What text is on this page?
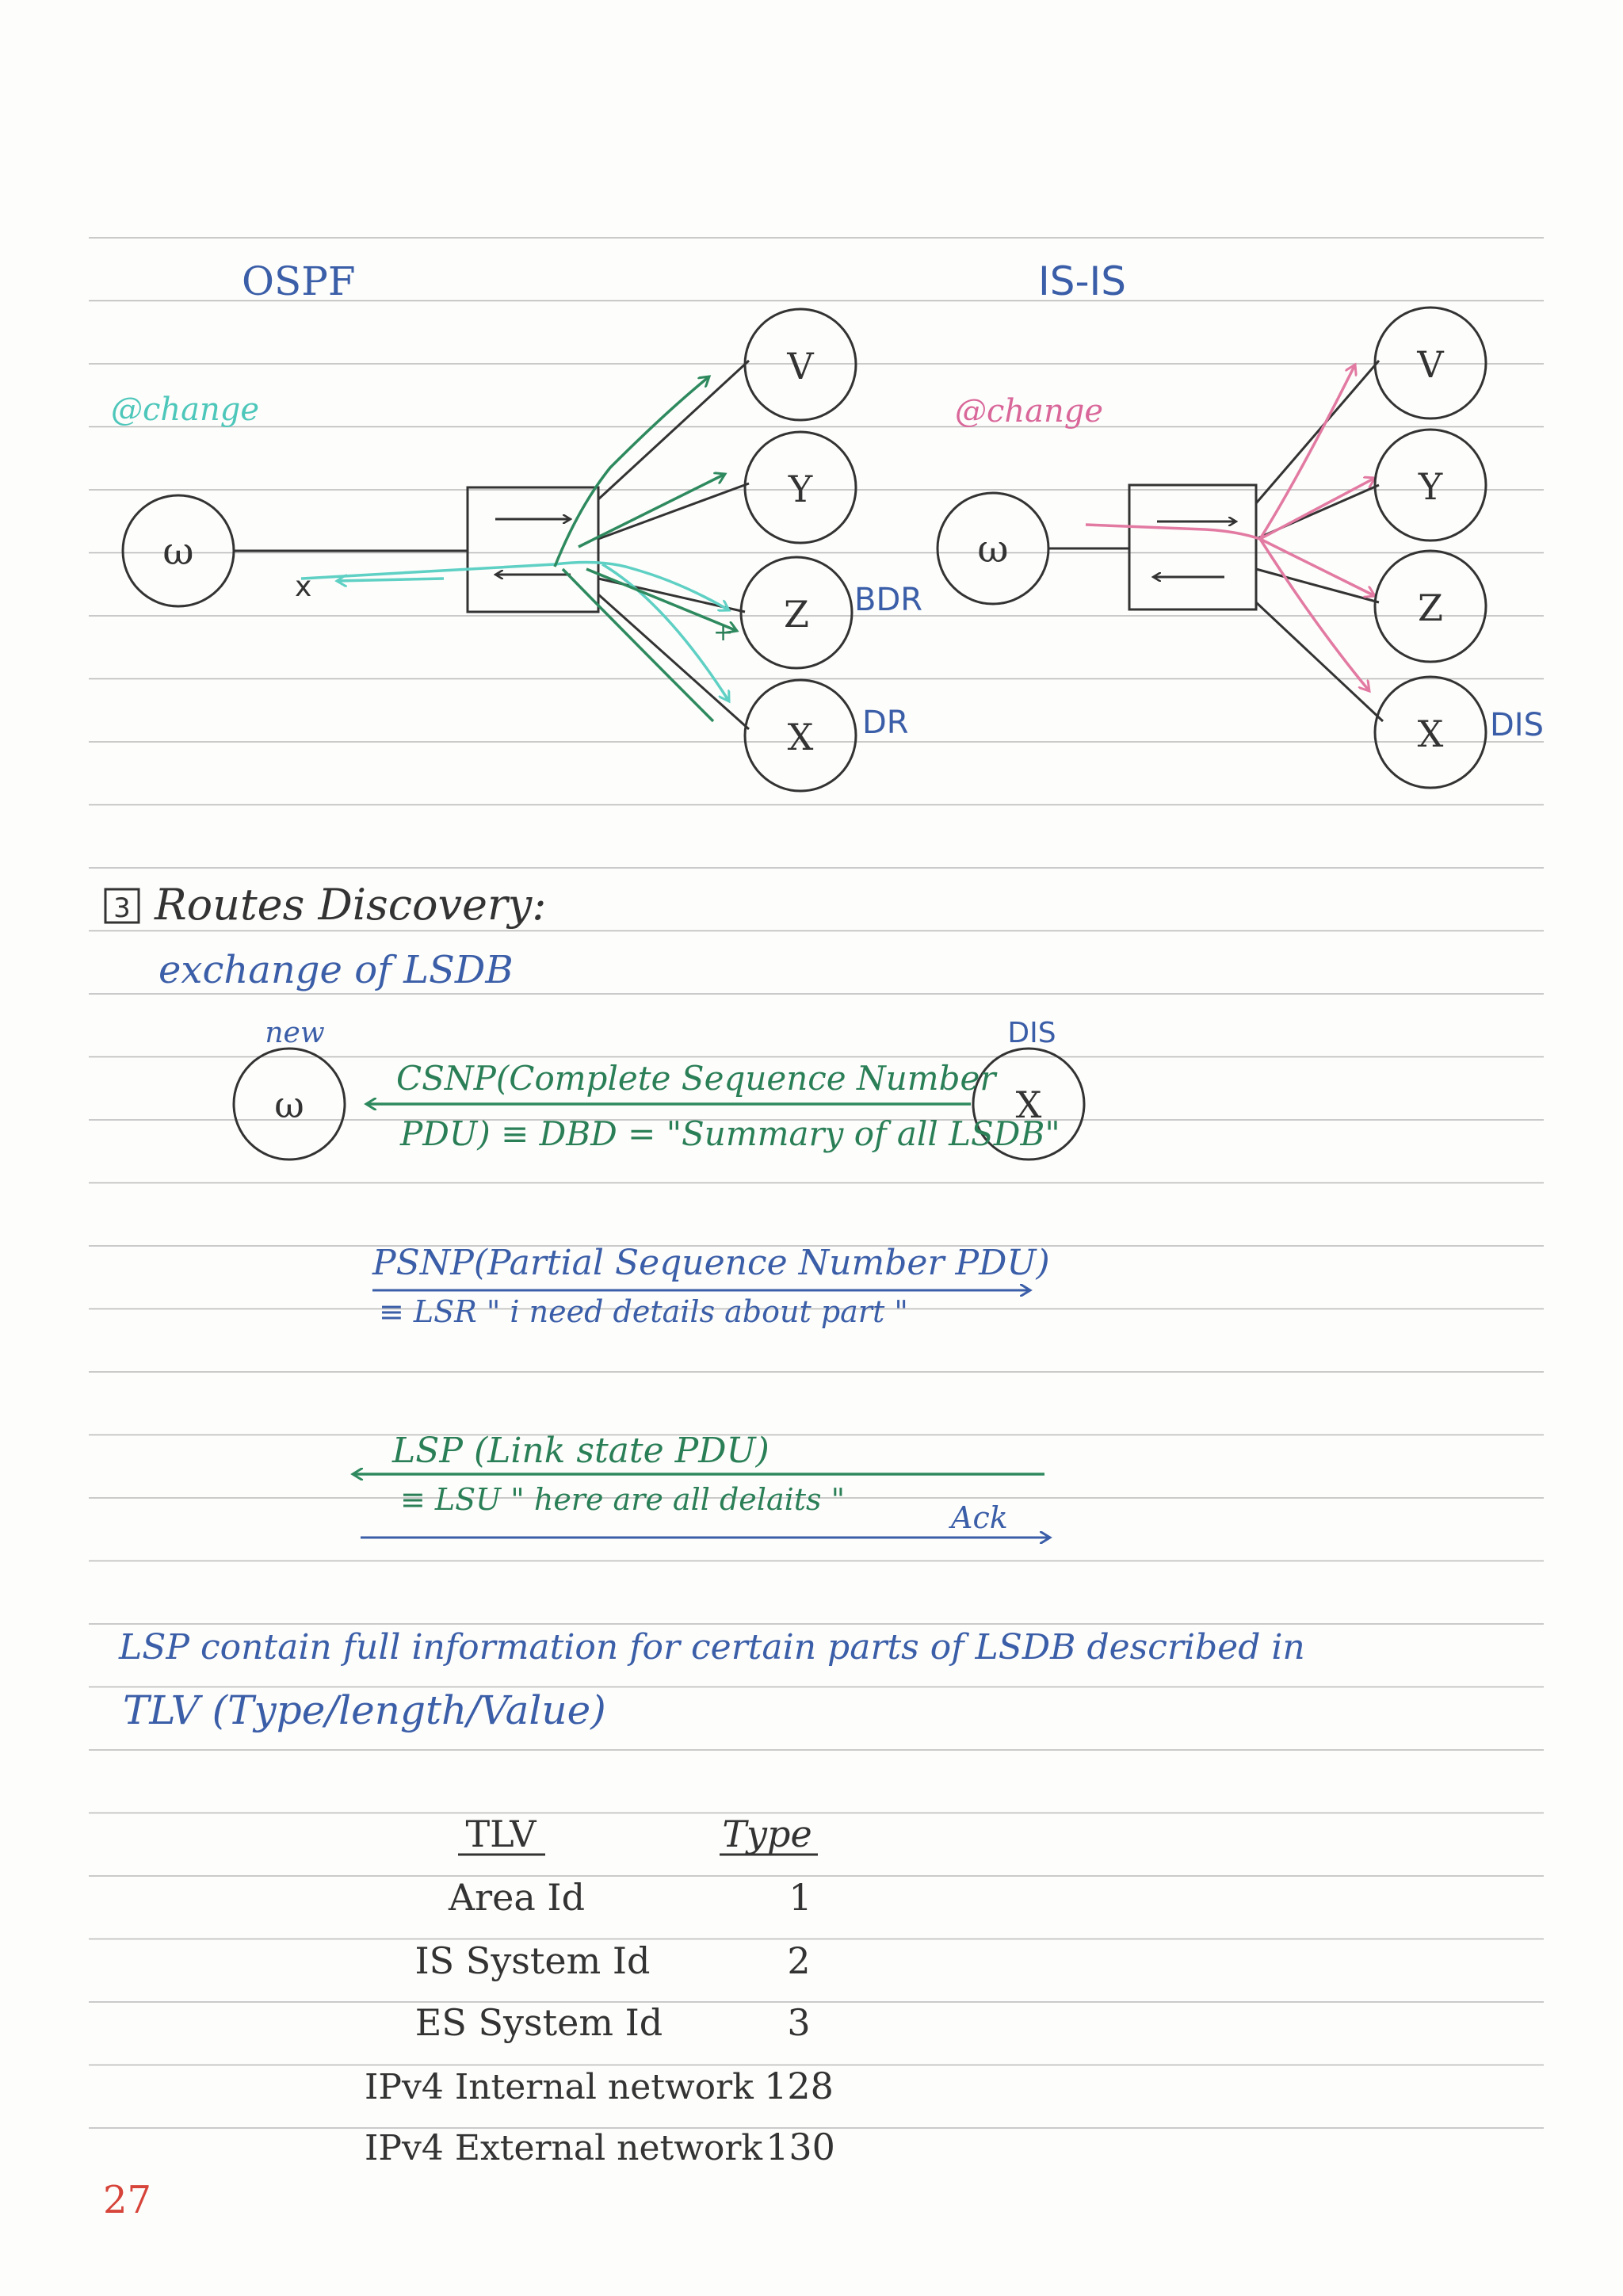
OSPF
@change
ω
x
+
V
Y
Z
X
BDR
DR
IS-IS
@change
ω
V
Y
Z
X DIS
3 Routes Discovery:
exchange of LSDB
new	DIS
ω	X
CSNP(Complete Sequence Number
PDU) ≡ DBD = "Summary of all LSDB"
PSNP(Partial Sequence Number PDU)
≡ LSR " i need details about part "
LSP (Link state PDU)
≡ LSU " here are all delaits "
Ack
LSP contain full information for certain parts of LSDB described in
TLV (Type/length/Value)
TLV	Type
Area Id	1
IS System Id	2
ES System Id	3
IPv4 Internal network 128
IPv4 External network 130
27
